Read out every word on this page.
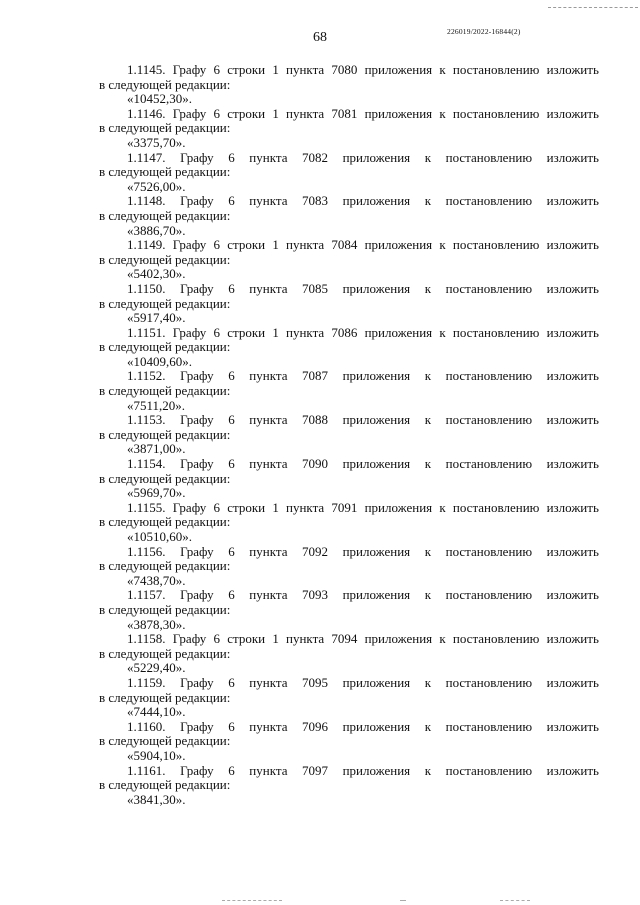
68	226019/2022-16844(2)
1.1145. Графу 6 строки 1 пункта 7080 приложения к постановлению изложить
в следующей редакции:
«10452,30».
1.1146. Графу 6 строки 1 пункта 7081 приложения к постановлению изложить
в следующей редакции:
«3375,70».
1.1147. Графу 6 пункта 7082 приложения к постановлению изложить
в следующей редакции:
«7526,00».
1.1148. Графу 6 пункта 7083 приложения к постановлению изложить
в следующей редакции:
«3886,70».
1.1149. Графу 6 строки 1 пункта 7084 приложения к постановлению изложить
в следующей редакции:
«5402,30».
1.1150. Графу 6 пункта 7085 приложения к постановлению изложить
в следующей редакции:
«5917,40».
1.1151. Графу 6 строки 1 пункта 7086 приложения к постановлению изложить
в следующей редакции:
«10409,60».
1.1152. Графу 6 пункта 7087 приложения к постановлению изложить
в следующей редакции:
«7511,20».
1.1153. Графу 6 пункта 7088 приложения к постановлению изложить
в следующей редакции:
«3871,00».
1.1154. Графу 6 пункта 7090 приложения к постановлению изложить
в следующей редакции:
«5969,70».
1.1155. Графу 6 строки 1 пункта 7091 приложения к постановлению изложить
в следующей редакции:
«10510,60».
1.1156. Графу 6 пункта 7092 приложения к постановлению изложить
в следующей редакции:
«7438,70».
1.1157. Графу 6 пункта 7093 приложения к постановлению изложить
в следующей редакции:
«3878,30».
1.1158. Графу 6 строки 1 пункта 7094 приложения к постановлению изложить
в следующей редакции:
«5229,40».
1.1159. Графу 6 пункта 7095 приложения к постановлению изложить
в следующей редакции:
«7444,10».
1.1160. Графу 6 пункта 7096 приложения к постановлению изложить
в следующей редакции:
«5904,10».
1.1161. Графу 6 пункта 7097 приложения к постановлению изложить
в следующей редакции:
«3841,30».
